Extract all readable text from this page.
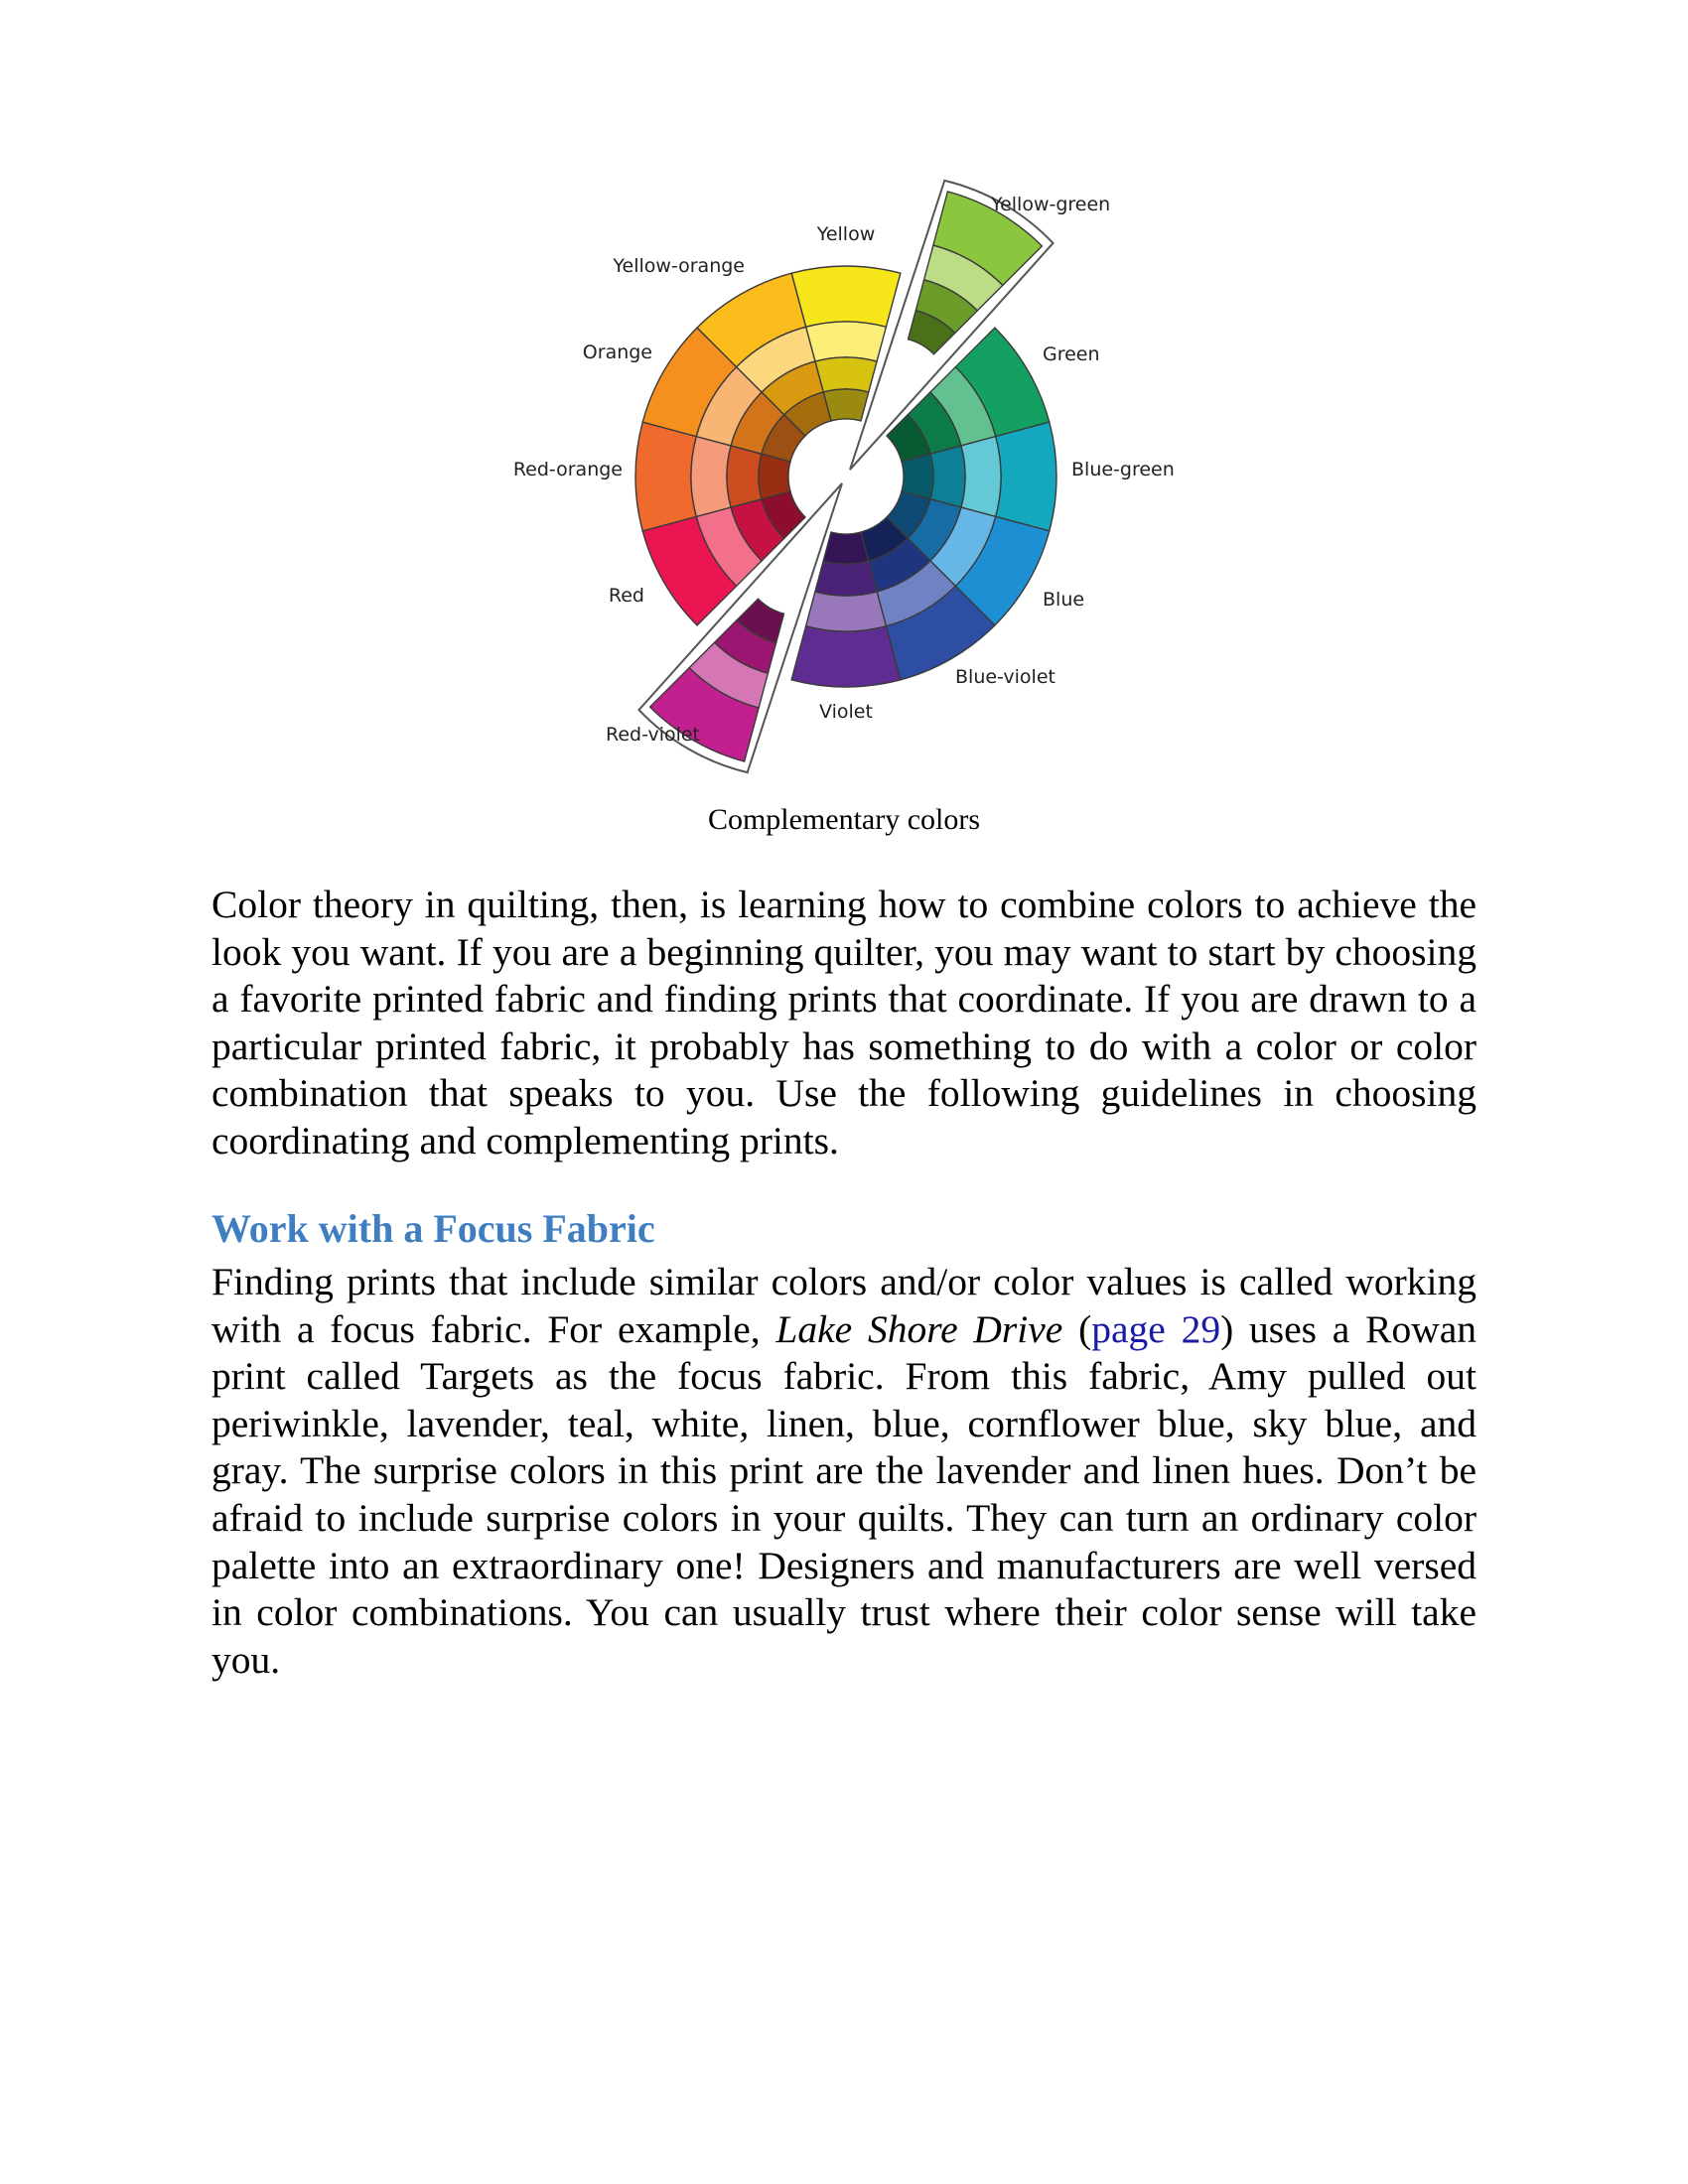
Yellow
Yellow-green
Yellow-orange
Orange	Green
Red-orange	Blue-green
Red	Blue
Blue-violet
Violet
Red-violet
Complementary colors
Color theory in quilting, then, is learning how to combine colors to achieve the look you want. If you are a beginning quilter, you may want to start by choosing a favorite printed fabric and finding prints that coordinate. If you are drawn to a particular printed fabric, it probably has something to do with a color or color combination that speaks to you. Use the following guidelines in choosing coordinating and complementing prints.
Work with a Focus Fabric
Finding prints that include similar colors and/or color values is called working with a focus fabric. For example, Lake Shore Drive (page 29) uses a Rowan print called Targets as the focus fabric. From this fabric, Amy pulled out periwinkle, lavender, teal, white, linen, blue, cornflower blue, sky blue, and gray. The surprise colors in this print are the lavender and linen hues. Don’t be afraid to include surprise colors in your quilts. They can turn an ordinary color palette into an extraordinary one! Designers and manufacturers are well versed in color combinations. You can usually trust where their color sense will take you.
